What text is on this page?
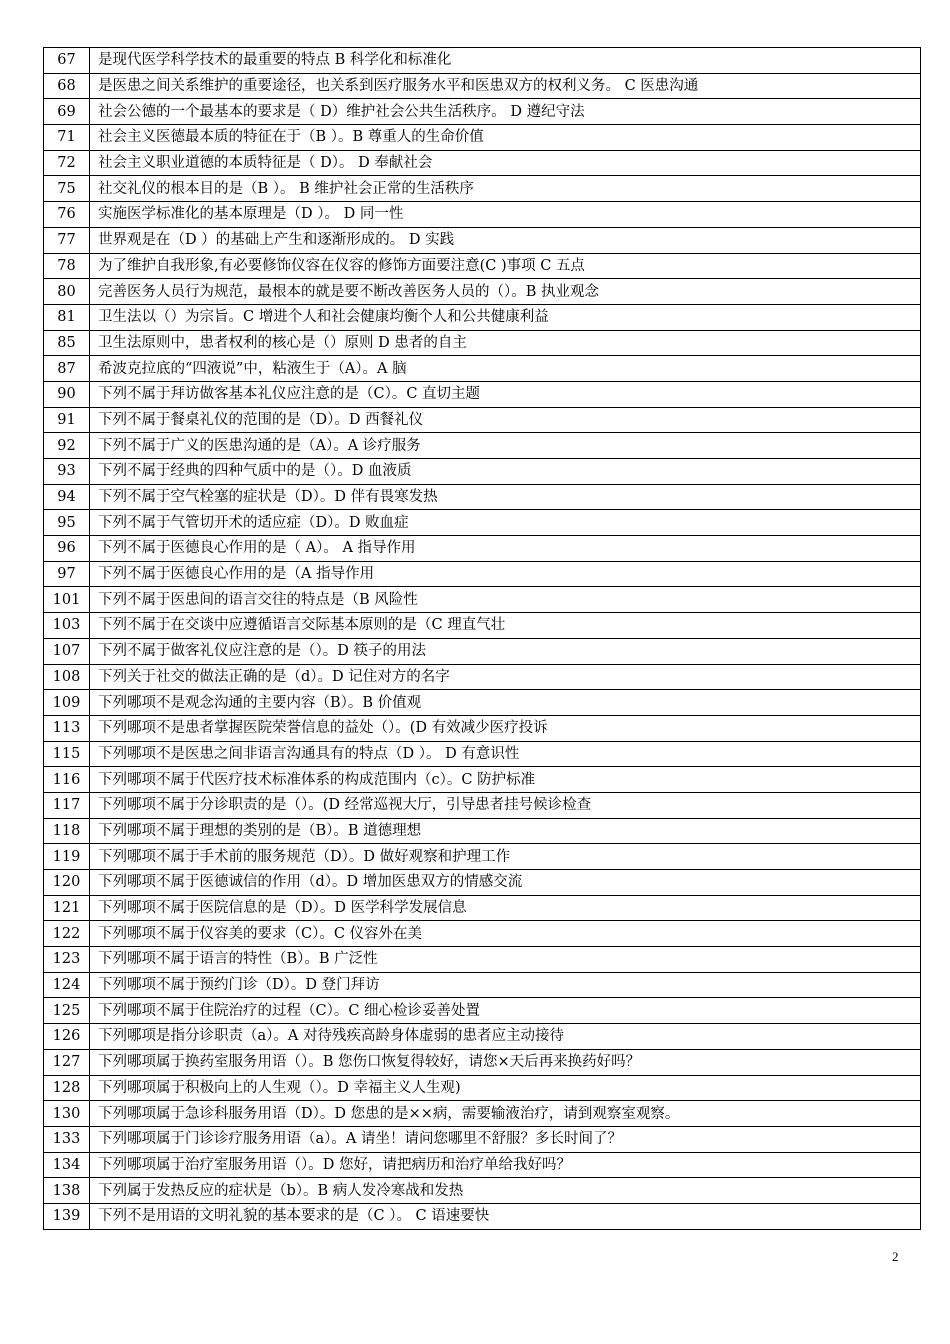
67	是现代医学科学技术的最重要的特点 B 科学化和标准化
68	是医患之间关系维护的重要途径，也关系到医疗服务水平和医患双方的权利义务。 C 医患沟通
69	社会公德的一个最基本的要求是（ D）维护社会公共生活秩序。 D 遵纪守法
71	社会主义医德最本质的特征在于（B ）。B 尊重人的生命价值
72	社会主义职业道德的本质特征是（ D）。 D 奉献社会
75	社交礼仪的根本目的是（B ）。 B 维护社会正常的生活秩序
76	实施医学标准化的基本原理是（D ）。 D 同一性
77	世界观是在（D ）的基础上产生和逐渐形成的。 D 实践
78	为了维护自我形象,有必要修饰仪容在仪容的修饰方面要注意(C )事项 C 五点
80	完善医务人员行为规范，最根本的就是要不断改善医务人员的（）。B 执业观念
81	卫生法以（）为宗旨。C 增进个人和社会健康均衡个人和公共健康利益
85	卫生法原则中，患者权利的核心是（）原则 D 患者的自主
87	希波克拉底的“四液说”中，粘液生于（A）。A 脑
90	下列不属于拜访做客基本礼仪应注意的是（C）。C 直切主题
91	下列不属于餐桌礼仪的范围的是（D）。D 西餐礼仪
92	下列不属于广义的医患沟通的是（A）。A 诊疗服务
93	下列不属于经典的四种气质中的是（）。D 血液质
94	下列不属于空气栓塞的症状是（D）。D 伴有畏寒发热
95	下列不属于气管切开术的适应症（D）。D 败血症
96	下列不属于医德良心作用的是（ A）。 A 指导作用
97	下列不属于医德良心作用的是（A 指导作用
101	下列不属于医患间的语言交往的特点是（B 风险性
103	下列不属于在交谈中应遵循语言交际基本原则的是（C 理直气壮
107	下列不属于做客礼仪应注意的是（）。D 筷子的用法
108	下列关于社交的做法正确的是（d）。D 记住对方的名字
109	下列哪项不是观念沟通的主要内容（B）。B 价值观
113	下列哪项不是患者掌握医院荣誉信息的益处（）。(D 有效减少医疗投诉
115	下列哪项不是医患之间非语言沟通具有的特点（D ）。 D 有意识性
116	下列哪项不属于代医疗技术标准体系的构成范围内（c）。C 防护标准
117	下列哪项不属于分诊职责的是（）。(D 经常巡视大厅，引导患者挂号候诊检查
118	下列哪项不属于理想的类别的是（B）。B 道德理想
119	下列哪项不属于手术前的服务规范（D）。D 做好观察和护理工作
120	下列哪项不属于医德诚信的作用（d）。D 增加医患双方的情感交流
121	下列哪项不属于医院信息的是（D）。D 医学科学发展信息
122	下列哪项不属于仪容美的要求（C）。C 仪容外在美
123	下列哪项不属于语言的特性（B）。B 广泛性
124	下列哪项不属于预约门诊（D）。D 登门拜访
125	下列哪项不属于住院治疗的过程（C）。C 细心检诊妥善处置
126	下列哪项是指分诊职责（a）。A 对待残疾高龄身体虚弱的患者应主动接待
127	下列哪项属于换药室服务用语（）。B 您伤口恢复得较好，请您×天后再来换药好吗？
128	下列哪项属于积极向上的人生观（）。D 幸福主义人生观)
130	下列哪项属于急诊科服务用语（D）。D 您患的是××病，需要输液治疗，请到观察室观察。
133	下列哪项属于门诊诊疗服务用语（a）。A 请坐！请问您哪里不舒服？多长时间了？
134	下列哪项属于治疗室服务用语（）。D 您好，请把病历和治疗单给我好吗？
138	下列属于发热反应的症状是（b）。B 病人发冷寒战和发热
139	下列不是用语的文明礼貌的基本要求的是（C ）。 C 语速要快
2
